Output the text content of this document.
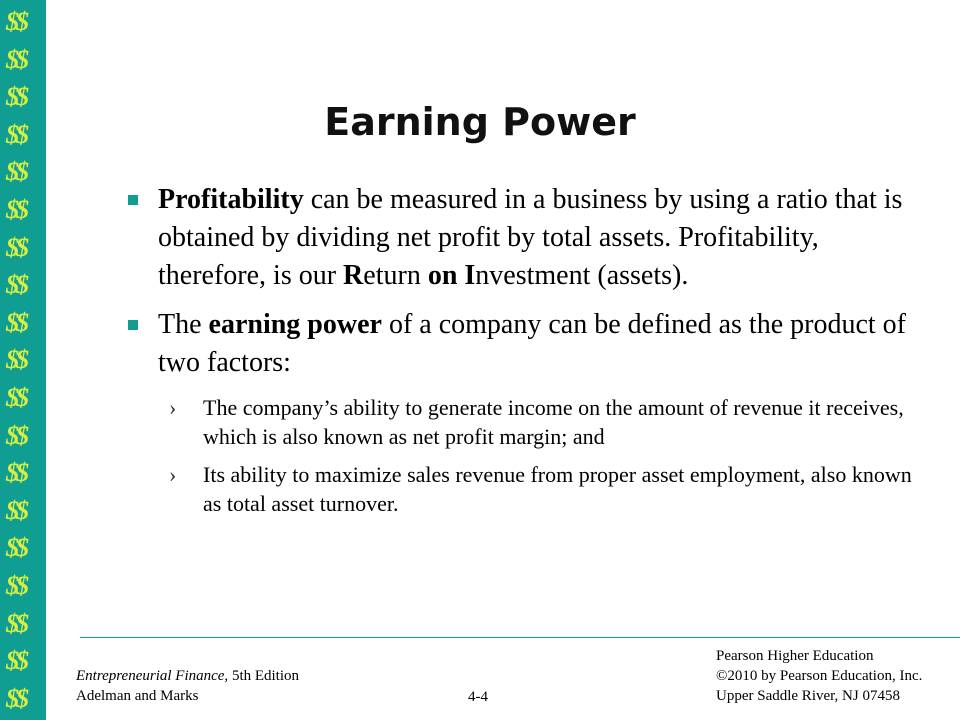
$$
$$
$$
$$
$$
$$
$$
$$
$$
$$
$$
$$
$$
$$
$$
$$
$$
$$
$$
Earning Power
Profitability can be measured in a business by using a ratio that is obtained by dividing net profit by total assets. Profitability, therefore, is our Return on Investment (assets).
The earning power of a company can be defined as the product of two factors:
›	The company’s ability to generate income on the amount of revenue it receives, which is also known as net profit margin; and
›	Its ability to maximize sales revenue from proper asset employment, also known as total asset turnover.
Entrepreneurial Finance, 5th Edition
Adelman and Marks	4-4
Pearson Higher Education
©2010 by Pearson Education, Inc.
Upper Saddle River, NJ 07458
